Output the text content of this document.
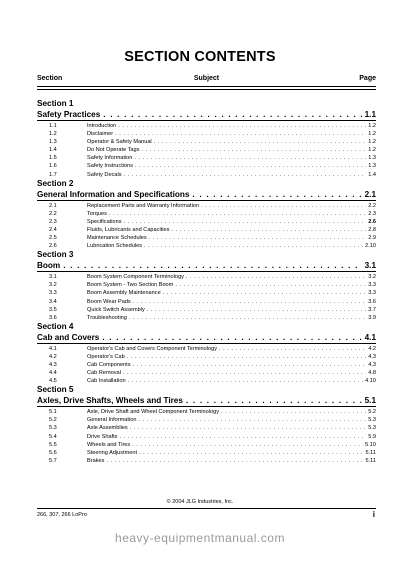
SECTION CONTENTS
Section	Subject	Page
Section 1
Safety Practices . . .	1.1
1.1	Introduction . . .	1.2
1.2	Disclaimer . . .	1.2
1.3	Operator & Safety Manual . . .	1.2
1.4	Do Not Operate Tags . . .	1.2
1.5	Safety Information . . .	1.3
1.6	Safety Instructions . . .	1.3
1.7	Safety Decals . . .	1.4
Section 2
General Information and Specifications . . .	2.1
2.1	Replacement Parts and Warranty Information . . .	2.2
2.2	Torques . . .	2.3
2.3	Specifications . . .	2.6
2.4	Fluids, Lubricants and Capacities . . .	2.8
2.5	Maintenance Schedules . . .	2.9
2.6	Lubrication Schedules . . .	2.10
Section 3
Boom . . .	3.1
3.1	Boom System Component Terminology . . .	3.2
3.2	Boom System - Two Section Boom . . .	3.3
3.3	Boom Assembly Maintenance . . .	3.3
3.4	Boom Wear Pads . . .	3.6
3.5	Quick Switch Assembly . . .	3.7
3.6	Troubleshooting . . .	3.9
Section 4
Cab and Covers . . .	4.1
4.1	Operator's Cab and Covers Component Terminology . . .	4.2
4.2	Operator's Cab . . .	4.3
4.3	Cab Components . . .	4.3
4.4	Cab Removal . . .	4.8
4.5	Cab Installation . . .	4.10
Section 5
Axles, Drive Shafts, Wheels and Tires . . .	5.1
5.1	Axle, Drive Shaft and Wheel Component Terminology . . .	5.2
5.2	General Information . . .	5.3
5.3	Axle Assemblies . . .	5.3
5.4	Drive Shafts . . .	5.9
5.5	Wheels and Tires . . .	5.10
5.6	Steering Adjustment . . .	5.11
5.7	Brakes . . .	5.11
© 2004 JLG Industries, Inc.
266, 307, 266 LoPro	i
heavy-equipmentmanual.com
